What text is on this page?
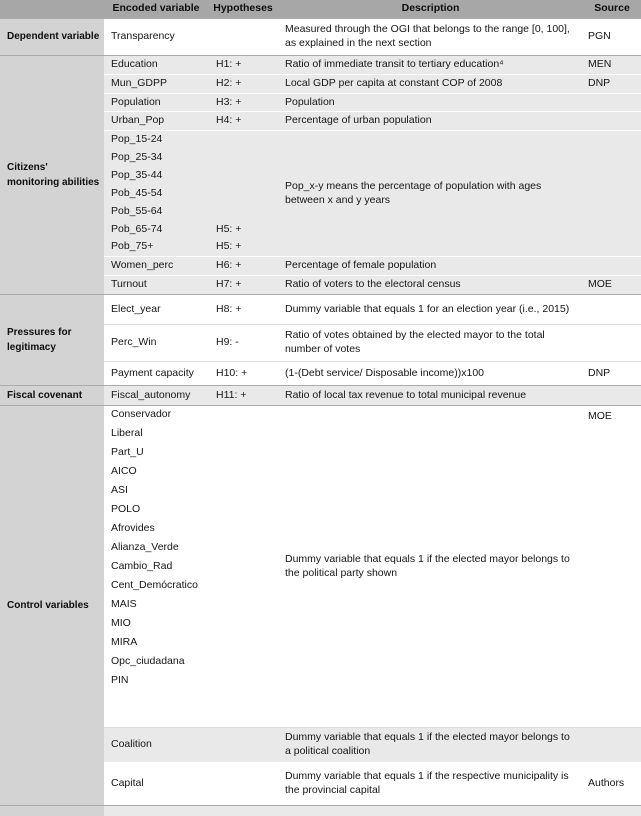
	Encoded variable	Hypotheses	Description	Source
Dependent variable	Transparency		Measured through the OGI that belongs to the range [0, 100], as explained in the next section	PGN
Citizens' monitoring abilities	Education	H1: +	Ratio of immediate transit to tertiary education⁴	MEN
	Mun_GDPP	H2: +	Local GDP per capita at constant COP of 2008	DNP
	Population	H3: +	Population	
	Urban_Pop	H4: +	Percentage of urban population	
	Pop_15-24		Pop_x-y means the percentage of population with ages between x and y years	
	Pop_25-34			
	Pop_35-44			
	Pob_45-54			
	Pob_55-64			
	Pob_65-74	H5: +		
	Pob_75+	H5: +		
	Women_perc	H6: +	Percentage of female population	
	Turnout	H7: +	Ratio of voters to the electoral census	MOE
Pressures for legitimacy	Elect_year	H8: +	Dummy variable that equals 1 for an election year (i.e., 2015)	
	Perc_Win	H9: -	Ratio of votes obtained by the elected mayor to the total number of votes	
	Payment capacity	H10: +	(1-(Debt service/ Disposable income))x100	DNP
Fiscal covenant	Fiscal_autonomy	H11: +	Ratio of local tax revenue to total municipal revenue	
Control variables	Conservador		Dummy variable that equals 1 if the elected mayor belongs to the political party shown	MOE
	Liberal			
	Part_U			
	AICO			
	ASI			
	POLO			
	Afrovides			
	Alianza_Verde			
	Cambio_Rad			
	Cent_Demócratico			
	MAIS			
	MIO			
	MIRA			
	Opc_ciudadana			
	PIN			

	Coalition		Dummy variable that equals 1 if the elected mayor belongs to a political coalition	
	Capital		Dummy variable that equals 1 if the respective municipality is the provincial capital	Authors
